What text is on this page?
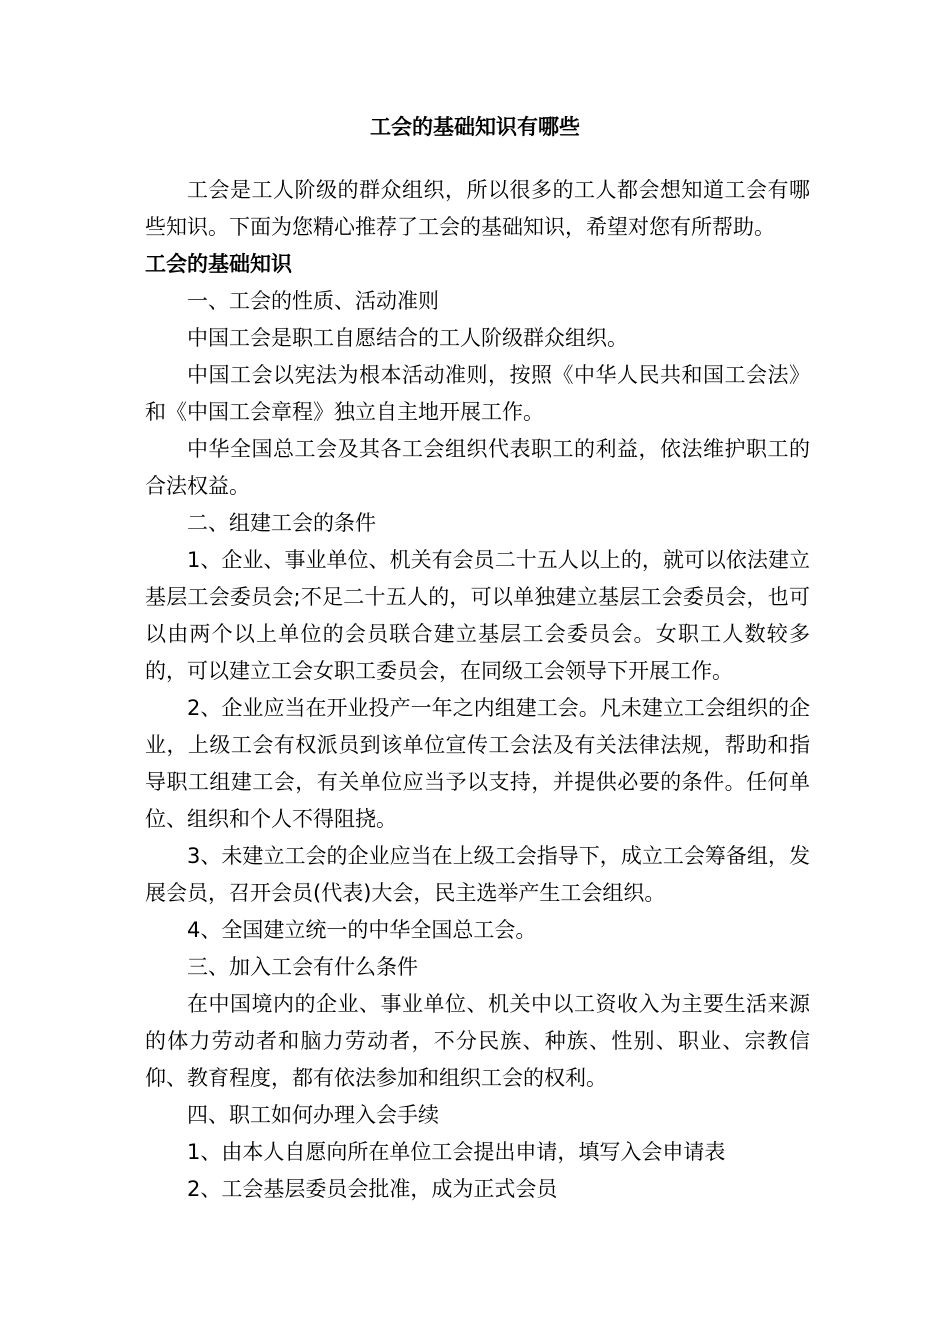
工会的基础知识有哪些

工会是工人阶级的群众组织，所以很多的工人都会想知道工会有哪些知识。下面为您精心推荐了工会的基础知识，希望对您有所帮助。

工会的基础知识

一、工会的性质、活动准则

中国工会是职工自愿结合的工人阶级群众组织。

中国工会以宪法为根本活动准则，按照《中华人民共和国工会法》和《中国工会章程》独立自主地开展工作。

中华全国总工会及其各工会组织代表职工的利益，依法维护职工的合法权益。

二、组建工会的条件

1、企业、事业单位、机关有会员二十五人以上的，就可以依法建立基层工会委员会;不足二十五人的，可以单独建立基层工会委员会，也可以由两个以上单位的会员联合建立基层工会委员会。女职工人数较多的，可以建立工会女职工委员会，在同级工会领导下开展工作。

2、企业应当在开业投产一年之内组建工会。凡未建立工会组织的企业，上级工会有权派员到该单位宣传工会法及有关法律法规，帮助和指导职工组建工会，有关单位应当予以支持，并提供必要的条件。任何单位、组织和个人不得阻挠。

3、未建立工会的企业应当在上级工会指导下，成立工会筹备组，发展会员，召开会员(代表)大会，民主选举产生工会组织。

4、全国建立统一的中华全国总工会。

三、加入工会有什么条件

在中国境内的企业、事业单位、机关中以工资收入为主要生活来源的体力劳动者和脑力劳动者，不分民族、种族、性别、职业、宗教信仰、教育程度，都有依法参加和组织工会的权利。

四、职工如何办理入会手续

1、由本人自愿向所在单位工会提出申请，填写入会申请表

2、工会基层委员会批准，成为正式会员
